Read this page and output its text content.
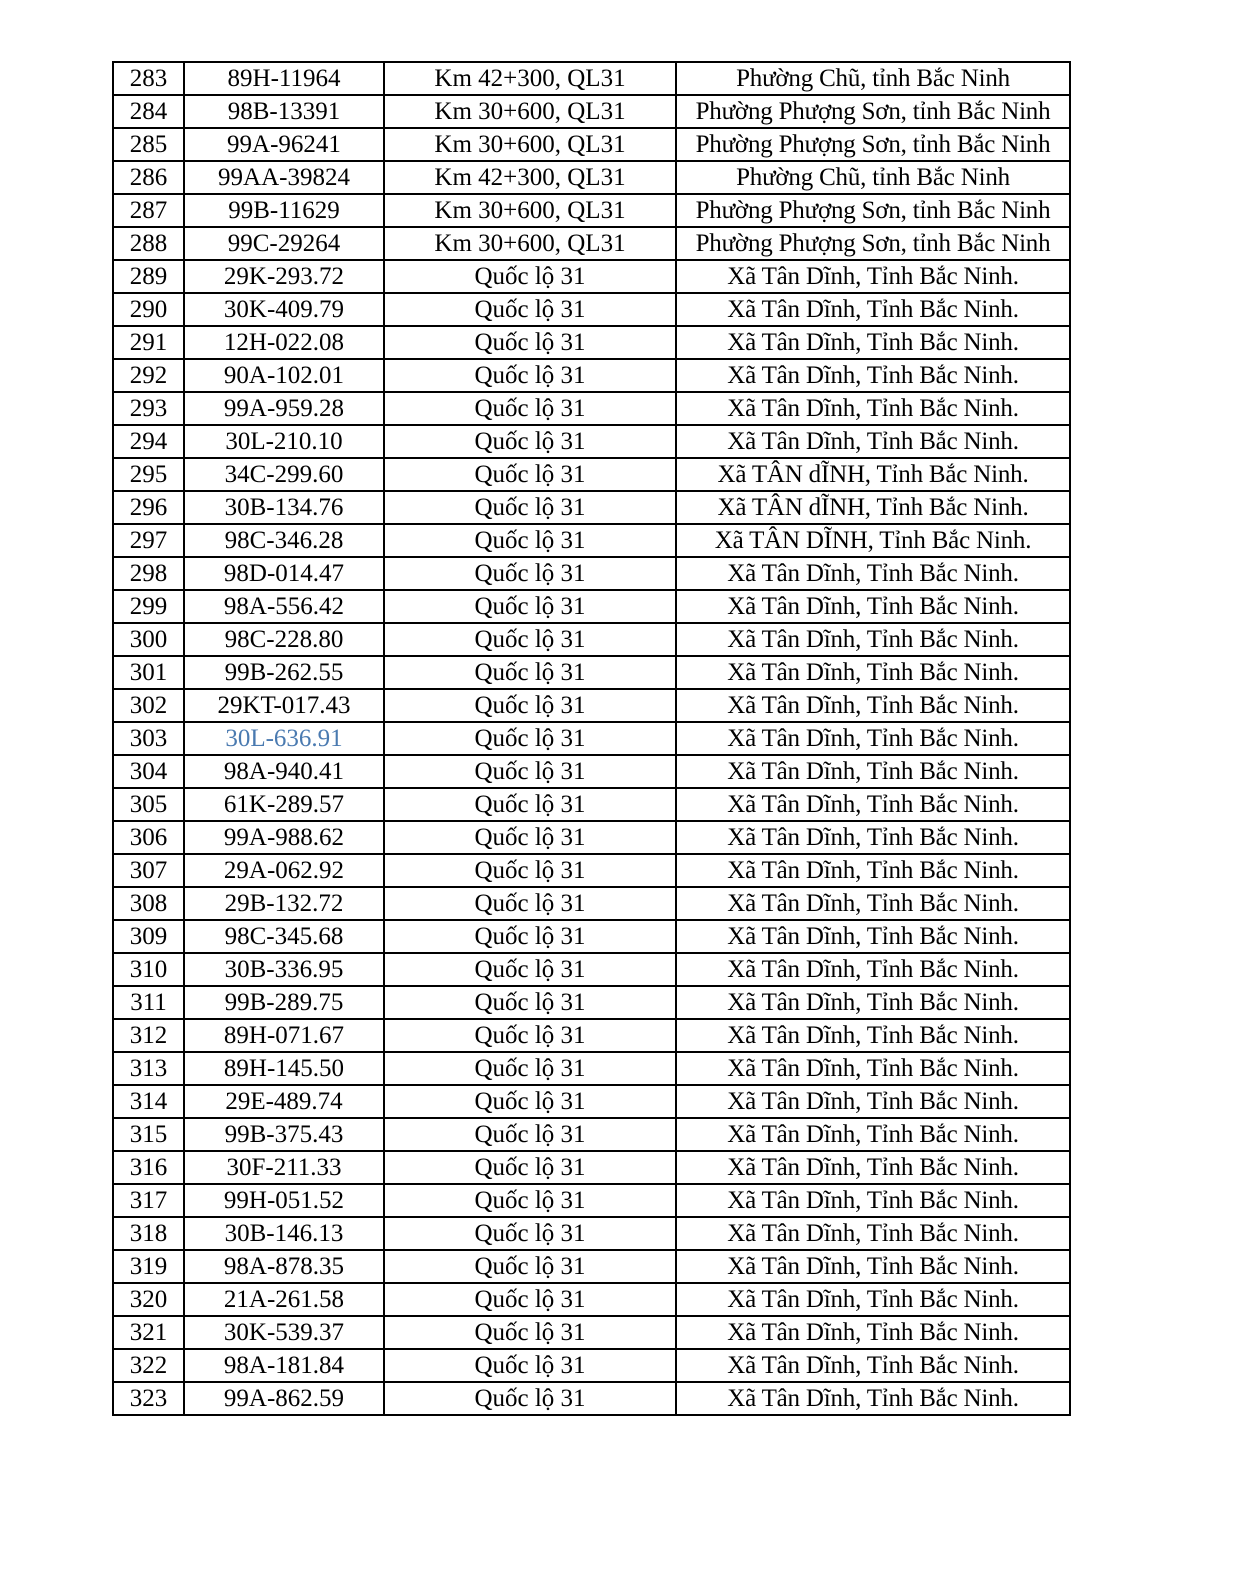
283	89H-11964	Km 42+300, QL31	Phường Chũ, tỉnh Bắc Ninh
284	98B-13391	Km 30+600, QL31	Phường Phượng Sơn, tỉnh Bắc Ninh
285	99A-96241	Km 30+600, QL31	Phường Phượng Sơn, tỉnh Bắc Ninh
286	99AA-39824	Km 42+300, QL31	Phường Chũ, tỉnh Bắc Ninh
287	99B-11629	Km 30+600, QL31	Phường Phượng Sơn, tỉnh Bắc Ninh
288	99C-29264	Km 30+600, QL31	Phường Phượng Sơn, tỉnh Bắc Ninh
289	29K-293.72	Quốc lộ 31	Xã Tân Dĩnh, Tỉnh Bắc Ninh.
290	30K-409.79	Quốc lộ 31	Xã Tân Dĩnh, Tỉnh Bắc Ninh.
291	12H-022.08	Quốc lộ 31	Xã Tân Dĩnh, Tỉnh Bắc Ninh.
292	90A-102.01	Quốc lộ 31	Xã Tân Dĩnh, Tỉnh Bắc Ninh.
293	99A-959.28	Quốc lộ 31	Xã Tân Dĩnh, Tỉnh Bắc Ninh.
294	30L-210.10	Quốc lộ 31	Xã Tân Dĩnh, Tỉnh Bắc Ninh.
295	34C-299.60	Quốc lộ 31	Xã TÂN dĨNH, Tỉnh Bắc Ninh.
296	30B-134.76	Quốc lộ 31	Xã TÂN dĨNH, Tỉnh Bắc Ninh.
297	98C-346.28	Quốc lộ 31	Xã TÂN DĨNH, Tỉnh Bắc Ninh.
298	98D-014.47	Quốc lộ 31	Xã Tân Dĩnh, Tỉnh Bắc Ninh.
299	98A-556.42	Quốc lộ 31	Xã Tân Dĩnh, Tỉnh Bắc Ninh.
300	98C-228.80	Quốc lộ 31	Xã Tân Dĩnh, Tỉnh Bắc Ninh.
301	99B-262.55	Quốc lộ 31	Xã Tân Dĩnh, Tỉnh Bắc Ninh.
302	29KT-017.43	Quốc lộ 31	Xã Tân Dĩnh, Tỉnh Bắc Ninh.
303	30L-636.91	Quốc lộ 31	Xã Tân Dĩnh, Tỉnh Bắc Ninh.
304	98A-940.41	Quốc lộ 31	Xã Tân Dĩnh, Tỉnh Bắc Ninh.
305	61K-289.57	Quốc lộ 31	Xã Tân Dĩnh, Tỉnh Bắc Ninh.
306	99A-988.62	Quốc lộ 31	Xã Tân Dĩnh, Tỉnh Bắc Ninh.
307	29A-062.92	Quốc lộ 31	Xã Tân Dĩnh, Tỉnh Bắc Ninh.
308	29B-132.72	Quốc lộ 31	Xã Tân Dĩnh, Tỉnh Bắc Ninh.
309	98C-345.68	Quốc lộ 31	Xã Tân Dĩnh, Tỉnh Bắc Ninh.
310	30B-336.95	Quốc lộ 31	Xã Tân Dĩnh, Tỉnh Bắc Ninh.
311	99B-289.75	Quốc lộ 31	Xã Tân Dĩnh, Tỉnh Bắc Ninh.
312	89H-071.67	Quốc lộ 31	Xã Tân Dĩnh, Tỉnh Bắc Ninh.
313	89H-145.50	Quốc lộ 31	Xã Tân Dĩnh, Tỉnh Bắc Ninh.
314	29E-489.74	Quốc lộ 31	Xã Tân Dĩnh, Tỉnh Bắc Ninh.
315	99B-375.43	Quốc lộ 31	Xã Tân Dĩnh, Tỉnh Bắc Ninh.
316	30F-211.33	Quốc lộ 31	Xã Tân Dĩnh, Tỉnh Bắc Ninh.
317	99H-051.52	Quốc lộ 31	Xã Tân Dĩnh, Tỉnh Bắc Ninh.
318	30B-146.13	Quốc lộ 31	Xã Tân Dĩnh, Tỉnh Bắc Ninh.
319	98A-878.35	Quốc lộ 31	Xã Tân Dĩnh, Tỉnh Bắc Ninh.
320	21A-261.58	Quốc lộ 31	Xã Tân Dĩnh, Tỉnh Bắc Ninh.
321	30K-539.37	Quốc lộ 31	Xã Tân Dĩnh, Tỉnh Bắc Ninh.
322	98A-181.84	Quốc lộ 31	Xã Tân Dĩnh, Tỉnh Bắc Ninh.
323	99A-862.59	Quốc lộ 31	Xã Tân Dĩnh, Tỉnh Bắc Ninh.
